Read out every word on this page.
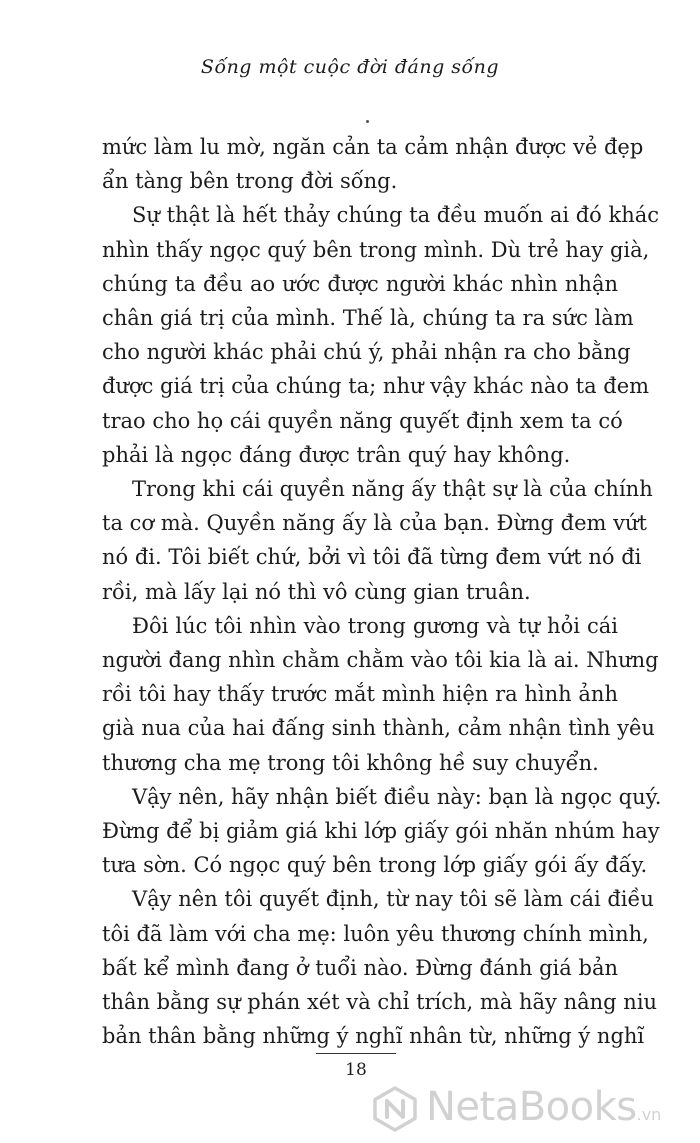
Sống một cuộc đời đáng sống
mức làm lu mờ, ngăn cản ta cảm nhận được vẻ đẹp
ẩn tàng bên trong đời sống.
Sự thật là hết thảy chúng ta đều muốn ai đó khác
nhìn thấy ngọc quý bên trong mình. Dù trẻ hay già,
chúng ta đều ao ước được người khác nhìn nhận
chân giá trị của mình. Thế là, chúng ta ra sức làm
cho người khác phải chú ý, phải nhận ra cho bằng
được giá trị của chúng ta; như vậy khác nào ta đem
trao cho họ cái quyền năng quyết định xem ta có
phải là ngọc đáng được trân quý hay không.
Trong khi cái quyền năng ấy thật sự là của chính
ta cơ mà. Quyền năng ấy là của bạn. Đừng đem vứt
nó đi. Tôi biết chứ, bởi vì tôi đã từng đem vứt nó đi
rồi, mà lấy lại nó thì vô cùng gian truân.
Đôi lúc tôi nhìn vào trong gương và tự hỏi cái
người đang nhìn chằm chằm vào tôi kia là ai. Nhưng
rồi tôi hay thấy trước mắt mình hiện ra hình ảnh
già nua của hai đấng sinh thành, cảm nhận tình yêu
thương cha mẹ trong tôi không hề suy chuyển.
Vậy nên, hãy nhận biết điều này: bạn là ngọc quý.
Đừng để bị giảm giá khi lớp giấy gói nhăn nhúm hay
tưa sờn. Có ngọc quý bên trong lớp giấy gói ấy đấy.
Vậy nên tôi quyết định, từ nay tôi sẽ làm cái điều
tôi đã làm với cha mẹ: luôn yêu thương chính mình,
bất kể mình đang ở tuổi nào. Đừng đánh giá bản
thân bằng sự phán xét và chỉ trích, mà hãy nâng niu
bản thân bằng những ý nghĩ nhân từ, những ý nghĩ
18
NetaBooks.vn
